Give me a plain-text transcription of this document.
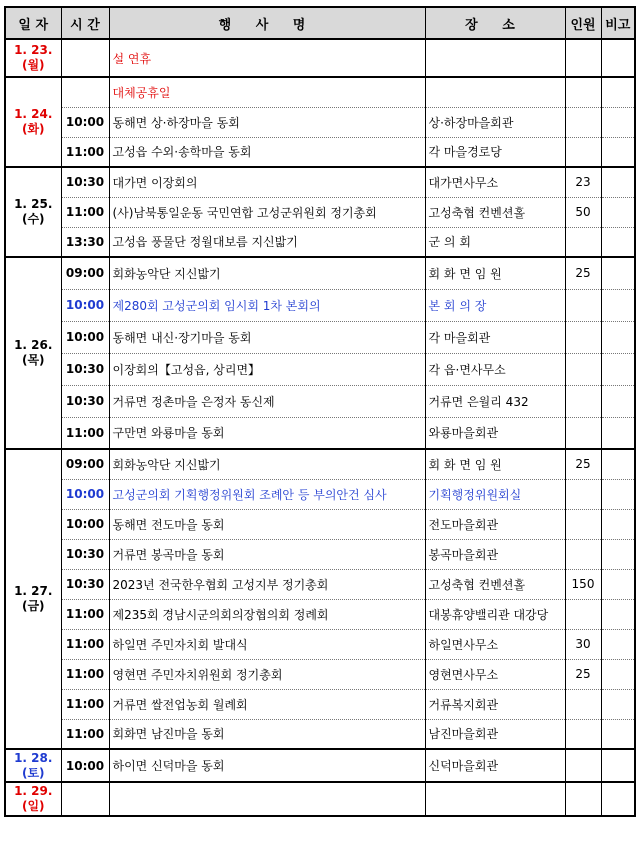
일 자	시 간	행 사 명	장 소	인원	비고

1. 23.
(월)		설 연휴			

1. 24.
(화)		대체공휴일			
	10:00	동해면 상·하장마을 동회	상·하장마을회관		
	11:00	고성읍 수외·송학마을 동회	각 마을경로당		

1. 25.
(수)	10:30	대가면 이장회의	대가면사무소	23	
	11:00	(사)남북통일운동 국민연합 고성군위원회 정기총회	고성축협 컨벤션홀	50	
	13:30	고성읍 풍물단 정월대보름 지신밟기	군 의 회		

1. 26.
(목)	09:00	회화농악단 지신밟기	회 화 면 임 원	25	
	10:00	제280회 고성군의회 임시회 1차 본회의	본 회 의 장		
	10:00	동해면 내신·장기마을 동회	각 마을회관		
	10:30	이장회의【고성읍, 상리면】	각 읍·면사무소		
	10:30	거류면 정촌마을 은정자 동신제	거류면 은월리 432		
	11:00	구만면 와룡마을 동회	와룡마을회관		

1. 27.
(금)	09:00	회화농악단 지신밟기	회 화 면 임 원	25	
	10:00	고성군의회 기획행정위원회 조례안 등 부의안건 심사	기획행정위원회실		
	10:00	동해면 전도마을 동회	전도마을회관		
	10:30	거류면 봉곡마을 동회	봉곡마을회관		
	10:30	2023년 전국한우협회 고성지부 정기총회	고성축협 컨벤션홀	150	
	11:00	제235회 경남시군의회의장협의회 정례회	대봉휴양밸리관 대강당		
	11:00	하일면 주민자치회 발대식	하일면사무소	30	
	11:00	영현면 주민자치위원회 정기총회	영현면사무소	25	
	11:00	거류면 쌀전업농회 월례회	거류복지회관		
	11:00	회화면 남진마을 동회	남진마을회관		

1. 28.
(토)	10:00	하이면 신덕마을 동회	신덕마을회관		

1. 29.
(일)					
